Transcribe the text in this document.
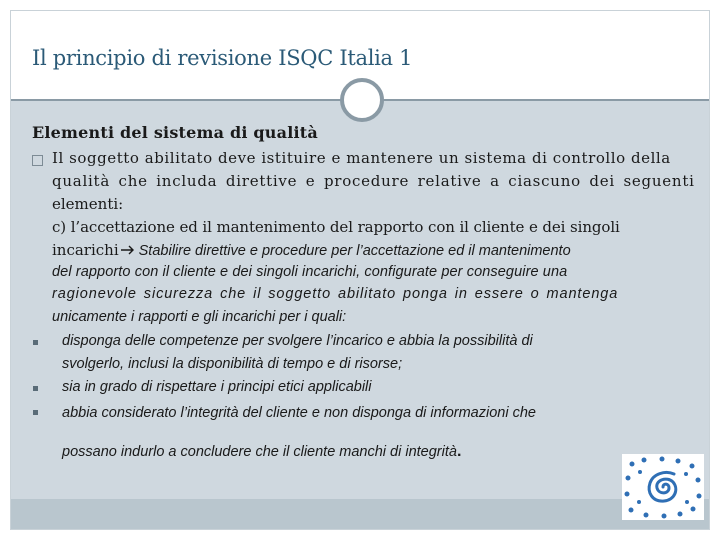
Il principio di revisione ISQC Italia 1
Elementi del sistema di qualità
Il soggetto abilitato deve istituire e mantenere un sistema di controllo della
qualità che includa direttive e procedure relative a ciascuno dei seguenti
elementi:
c) l’accettazione ed il mantenimento del rapporto con il cliente e dei singoli
incarichi Stabilire direttive e procedure per l’accettazione ed il mantenimento
del rapporto con il cliente e dei singoli incarichi, configurate per conseguire una
ragionevole sicurezza che il soggetto abilitato ponga in essere o mantenga
unicamente i rapporti e gli incarichi per i quali:
disponga delle competenze per svolgere l’incarico e abbia la possibilità di
svolgerlo, inclusi la disponibilità di tempo e di risorse;
sia in grado di rispettare i principi etici applicabili
abbia considerato l’integrità del cliente e non disponga di informazioni che
possano indurlo a concludere che il cliente manchi di integrità.
